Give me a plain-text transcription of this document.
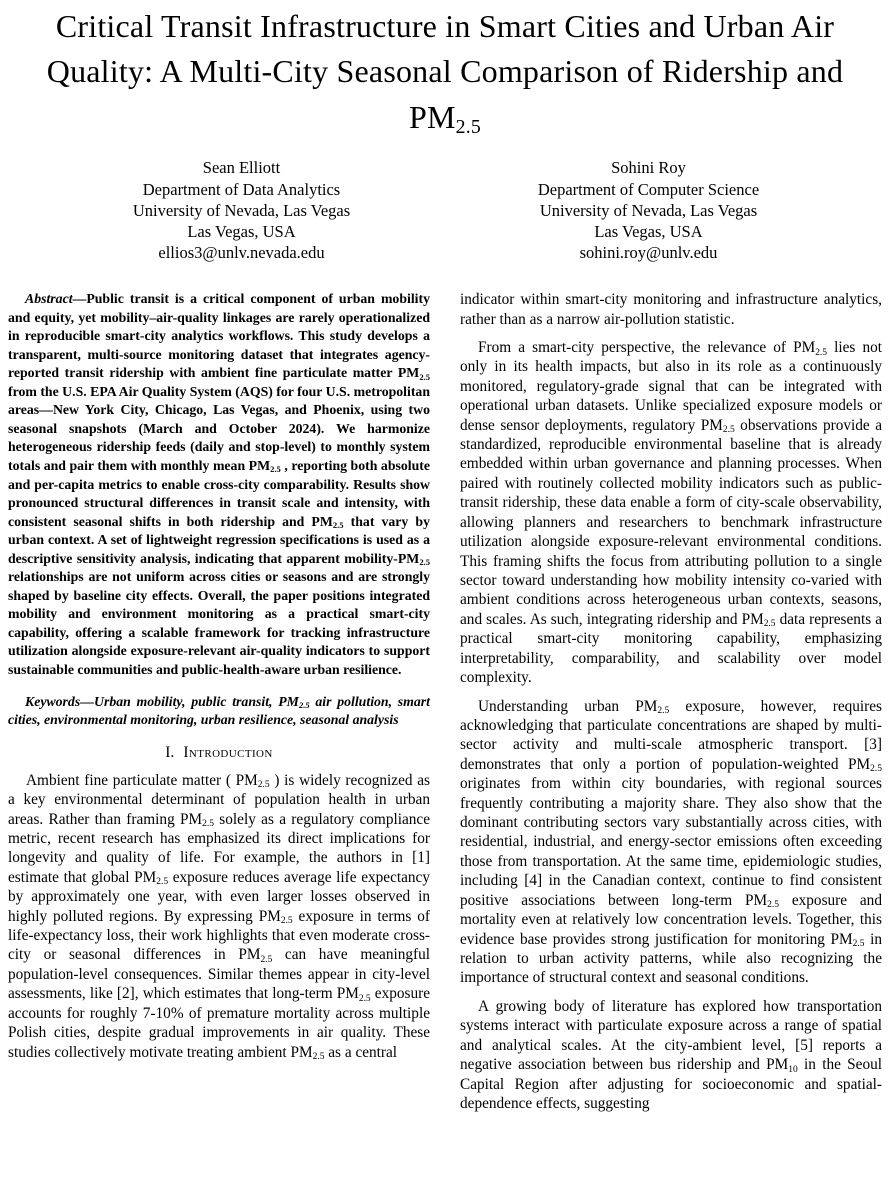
Critical Transit Infrastructure in Smart Cities and Urban Air Quality: A Multi-City Seasonal Comparison of Ridership and $PM_{2.5}$
Sean Elliott
Department of Data Analytics
University of Nevada, Las Vegas
Las Vegas, USA
ellios3@unlv.nevada.edu
Sohini Roy
Department of Computer Science
University of Nevada, Las Vegas
Las Vegas, USA
sohini.roy@unlv.edu

Abstract—Public transit is a critical component of urban mobility and equity, yet mobility–air-quality linkages are rarely operationalized in reproducible smart-city analytics workflows. This study develops a transparent, multi-source monitoring dataset that integrates agency-reported transit ridership with ambient fine particulate matter $PM_{2.5}$ from the U.S. EPA Air Quality System (AQS) for four U.S. metropolitan areas—New York City, Chicago, Las Vegas, and Phoenix, using two seasonal snapshots (March and October 2024). We harmonize heterogeneous ridership feeds (daily and stop-level) to monthly system totals and pair them with monthly mean $PM_{2.5}$ , reporting both absolute and per-capita metrics to enable cross-city comparability. Results show pronounced structural differences in transit scale and intensity, with consistent seasonal shifts in both ridership and $PM_{2.5}$ that vary by urban context. A set of lightweight regression specifications is used as a descriptive sensitivity analysis, indicating that apparent mobility-$PM_{2.5}$ relationships are not uniform across cities or seasons and are strongly shaped by baseline city effects. Overall, the paper positions integrated mobility and environment monitoring as a practical smart-city capability, offering a scalable framework for tracking infrastructure utilization alongside exposure-relevant air-quality indicators to support sustainable communities and public-health-aware urban resilience.

Keywords—Urban mobility, public transit, $PM_{2.5}$ air pollution, smart cities, environmental monitoring, urban resilience, seasonal analysis

I. Introduction

Ambient fine particulate matter ( $PM_{2.5}$ ) is widely recognized as a key environmental determinant of population health in urban areas. Rather than framing $PM_{2.5}$ solely as a regulatory compliance metric, recent research has emphasized its direct implications for longevity and quality of life. For example, the authors in [1] estimate that global $PM_{2.5}$ exposure reduces average life expectancy by approximately one year, with even larger losses observed in highly polluted regions. By expressing $PM_{2.5}$ exposure in terms of life-expectancy loss, their work highlights that even moderate cross-city or seasonal differences in $PM_{2.5}$ can have meaningful population-level consequences. Similar themes appear in city-level assessments, like [2], which estimates that long-term $PM_{2.5}$ exposure accounts for roughly 7-10% of premature mortality across multiple Polish cities, despite gradual improvements in air quality. These studies collectively motivate treating ambient $PM_{2.5}$ as a central

indicator within smart-city monitoring and infrastructure analytics, rather than as a narrow air-pollution statistic.

From a smart-city perspective, the relevance of $PM_{2.5}$ lies not only in its health impacts, but also in its role as a continuously monitored, regulatory-grade signal that can be integrated with operational urban datasets. Unlike specialized exposure models or dense sensor deployments, regulatory $PM_{2.5}$ observations provide a standardized, reproducible environmental baseline that is already embedded within urban governance and planning processes. When paired with routinely collected mobility indicators such as public-transit ridership, these data enable a form of city-scale observability, allowing planners and researchers to benchmark infrastructure utilization alongside exposure-relevant environmental conditions. This framing shifts the focus from attributing pollution to a single sector toward understanding how mobility intensity co-varied with ambient conditions across heterogeneous urban contexts, seasons, and scales. As such, integrating ridership and $PM_{2.5}$ data represents a practical smart-city monitoring capability, emphasizing interpretability, comparability, and scalability over model complexity.

Understanding urban $PM_{2.5}$ exposure, however, requires acknowledging that particulate concentrations are shaped by multi-sector activity and multi-scale atmospheric transport. [3] demonstrates that only a portion of population-weighted $PM_{2.5}$ originates from within city boundaries, with regional sources frequently contributing a majority share. They also show that the dominant contributing sectors vary substantially across cities, with residential, industrial, and energy-sector emissions often exceeding those from transportation. At the same time, epidemiologic studies, including [4] in the Canadian context, continue to find consistent positive associations between long-term $PM_{2.5}$ exposure and mortality even at relatively low concentration levels. Together, this evidence base provides strong justification for monitoring $PM_{2.5}$ in relation to urban activity patterns, while also recognizing the importance of structural context and seasonal conditions.

A growing body of literature has explored how transportation systems interact with particulate exposure across a range of spatial and analytical scales. At the city-ambient level, [5] reports a negative association between bus ridership and $PM_{10}$ in the Seoul Capital Region after adjusting for socioeconomic and spatial-dependence effects, suggesting
